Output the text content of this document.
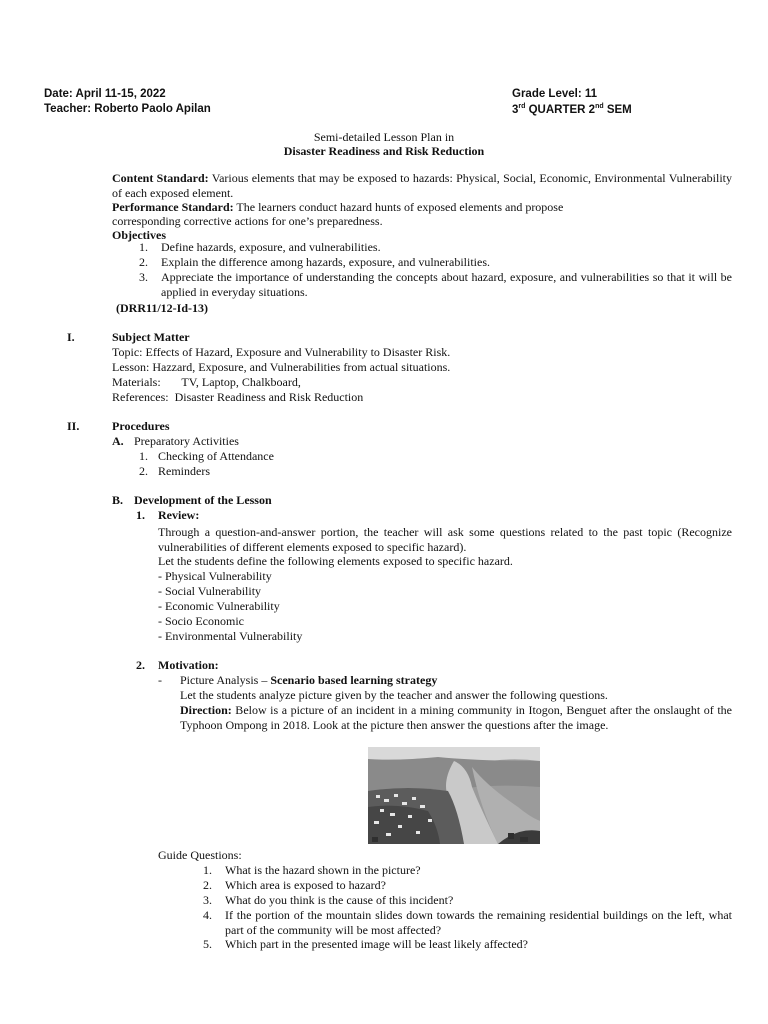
Date: April 11-15, 2022
Teacher: Roberto Paolo Apilan
Grade Level: 11
3rd QUARTER 2nd SEM
Semi-detailed Lesson Plan in
Disaster Readiness and Risk Reduction
Content Standard: Various elements that may be exposed to hazards: Physical, Social, Economic, Environmental Vulnerability of each exposed element.
Performance Standard: The learners conduct hazard hunts of exposed elements and propose
corresponding corrective actions for one’s preparedness.
Objectives
1. Define hazards, exposure, and vulnerabilities.
2. Explain the difference among hazards, exposure, and vulnerabilities.
3. Appreciate the importance of understanding the concepts about hazard, exposure, and vulnerabilities so that it will be applied in everyday situations.
(DRR11/12-Id-13)
I.	Subject Matter
Topic: Effects of Hazard, Exposure and Vulnerability to Disaster Risk.
Lesson: Hazzard, Exposure, and Vulnerabilities from actual situations.
Materials:       TV, Laptop, Chalkboard,
References:  Disaster Readiness and Risk Reduction
II.	Procedures
A. Preparatory Activities
1. Checking of Attendance
2. Reminders
B. Development of the Lesson
1. Review:
Through a question-and-answer portion, the teacher will ask some questions related to the past topic (Recognize vulnerabilities of different elements exposed to specific hazard).
Let the students define the following elements exposed to specific hazard.
- Physical Vulnerability
- Social Vulnerability
- Economic Vulnerability
- Socio Economic
- Environmental Vulnerability
2. Motivation:
- Picture Analysis – Scenario based learning strategy
Let the students analyze picture given by the teacher and answer the following questions.
Direction: Below is a picture of an incident in a mining community in Itogon, Benguet after the onslaught of the Typhoon Ompong in 2018. Look at the picture then answer the questions after the image.
Guide Questions:
1. What is the hazard shown in the picture?
2. Which area is exposed to hazard?
3. What do you think is the cause of this incident?
4. If the portion of the mountain slides down towards the remaining residential buildings on the left, what part of the community will be most affected?
5. Which part in the presented image will be least likely affected?
